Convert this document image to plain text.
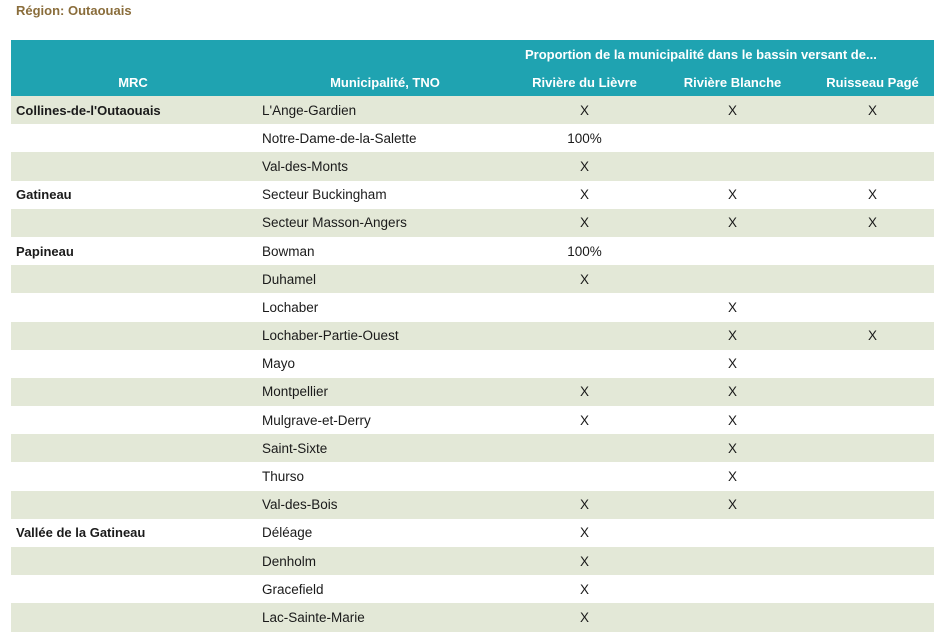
Région: Outaouais
		Proportion de la municipalité dans le bassin versant de...		
MRC	Municipalité, TNO	Rivière du Lièvre	Rivière Blanche	Ruisseau Pagé
Collines-de-l'Outaouais	L'Ange-Gardien	X	X	X
	Notre-Dame-de-la-Salette	100%		
	Val-des-Monts	X		
Gatineau	Secteur Buckingham	X	X	X
	Secteur Masson-Angers	X	X	X
Papineau	Bowman	100%		
	Duhamel	X		
	Lochaber		X	
	Lochaber-Partie-Ouest		X	X
	Mayo		X	
	Montpellier	X	X	
	Mulgrave-et-Derry	X	X	
	Saint-Sixte		X	
	Thurso		X	
	Val-des-Bois	X	X	
Vallée de la Gatineau	Déléage	X		
	Denholm	X		
	Gracefield	X		
	Lac-Sainte-Marie	X		
